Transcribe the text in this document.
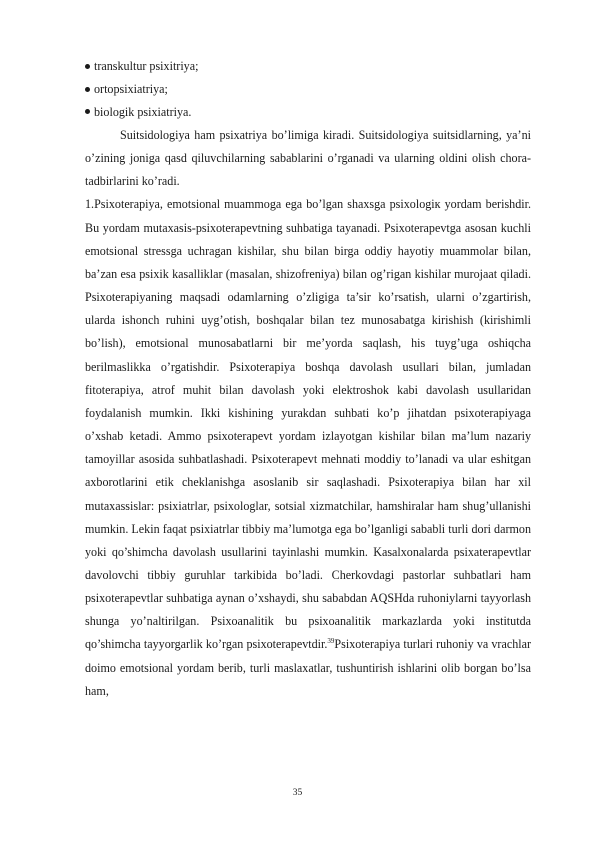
transkultur psixitriya;
ortopsixiatriya;
biologik psixiatriya.

Suitsidologiya ham psixatriya bo’limiga kiradi. Suitsidologiya suitsidlarning, ya’ni o’zining joniga qasd qiluvchilarning sabablarini o’rganadi va ularning oldini olish chora-tadbirlarini ko’radi.

1.Psixoterapiya, emotsional muammoga ega bo’lgan shaxsga psixologiк yordam berishdir. Bu yordam mutaxasis-psixoterapevtning suhbatiga tayanadi. Psixoterapevtga asosan kuchli emotsional stressga uchragan kishilar, shu bilan birga oddiy hayotiy muammolar bilan, ba’zan esa psixik kasalliklar (masalan, shizofreniya) bilan og’rigan kishilar murojaat qiladi. Psixoterapiyaning maqsadi odamlarning o’zligiga ta’sir ko’rsatish, ularni o’zgartirish, ularda ishonch ruhini uyg’otish, boshqalar bilan tez munosabatga kirishish (kirishimli bo’lish), emotsional munosabatlarni bir me’yorda saqlash, his tuyg’uga oshiqcha berilmaslikka o’rgatishdir. Psixoterapiya boshqa davolash usullari bilan, jumladan fitoterapiya, atrof muhit bilan davolash yoki elektroshok kabi davolash usullaridan foydalanish mumkin. Ikki kishining yurakdan suhbati ko’p jihatdan psixoterapiyaga o’xshab ketadi. Ammo psixoterapevt yordam izlayotgan kishilar bilan ma’lum nazariy tamoyillar asosida suhbatlashadi. Psixoterapevt mehnati moddiy to’lanadi va ular eshitgan axborotlarini etik cheklanishga asoslanib sir saqlashadi. Psixoterapiya bilan har xil mutaxassislar: psixiatrlar, psixologlar, sotsial xizmatchilar, hamshiralar ham shug’ullanishi mumkin. Lekin faqat psixiatrlar tibbiy ma’lumotga ega bo’lganligi sababli turli dori darmon yoki qo’shimcha davolash usullarini tayinlashi mumkin. Kasalxonalarda psixaterapevtlar davolovchi tibbiy guruhlar tarkibida bo’ladi. Cherkovdagi pastorlar suhbatlari ham psixoterapevtlar suhbatiga aynan o’xshaydi, shu sababdan AQSHda ruhoniylarni tayyorlash shunga yo’naltirilgan. Psixoanalitik bu psixoanalitik markazlarda yoki institutda qo’shimcha tayyorgarlik ko’rgan psixoterapevtdir.$^{39}$Psixoterapiya turlari ruhoniy va vrachlar doimo emotsional yordam berib, turli maslaxatlar, tushuntirish ishlarini olib borgan bo’lsa ham,

35
